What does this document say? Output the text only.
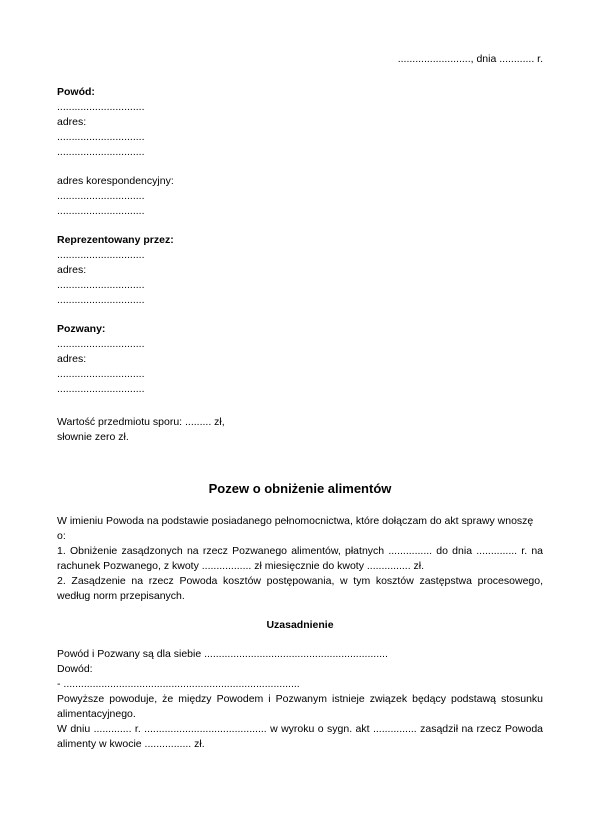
........................., dnia ............ r.

Powód:

..............................

adres:

..............................

..............................

adres korespondencyjny:

..............................

..............................

Reprezentowany przez:

..............................

adres:

..............................

..............................

Pozwany:

..............................

adres:

..............................

..............................

Wartość przedmiotu sporu: ......... zł,

słownie zero zł.

Pozew o obniżenie alimentów

W imieniu Powoda na podstawie posiadanego pełnomocnictwa, które dołączam do akt sprawy wnoszę o:

1. Obniżenie zasądzonych na rzecz Pozwanego alimentów, płatnych ............... do dnia .............. r. na rachunek Pozwanego, z kwoty ................. zł miesięcznie do kwoty ............... zł.

2. Zasądzenie na rzecz Powoda kosztów postępowania, w tym kosztów zastępstwa procesowego, według norm przepisanych.

Uzasadnienie

Powód i Pozwany są dla siebie ...............................................................

Dowód:

- .................................................................................

Powyższe powoduje, że między Powodem i Pozwanym istnieje związek będący podstawą stosunku alimentacyjnego.

W dniu ............. r. .......................................... w wyroku o sygn. akt ............... zasądził na rzecz Powoda alimenty w kwocie ................ zł.
